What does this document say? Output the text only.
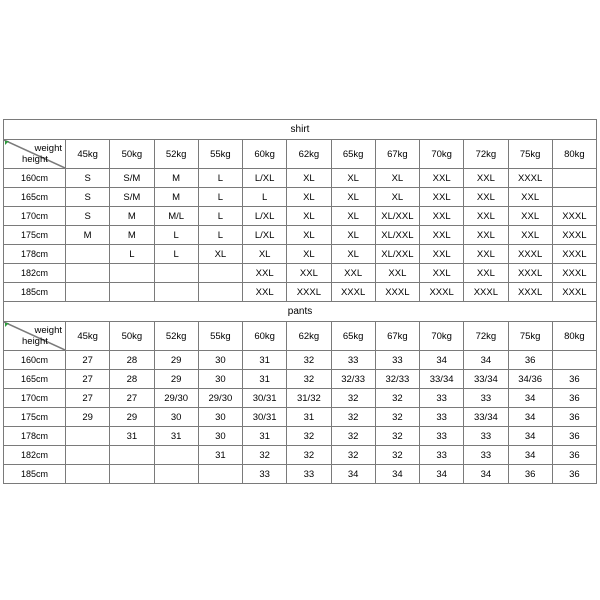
shirt												

weight
height	45kg	50kg	52kg	55kg	60kg	62kg	65kg	67kg	70kg	72kg	75kg	80kg
160cm	S	S/M	M	L	L/XL	XL	XL	XL	XXL	XXL	XXXL	
165cm	S	S/M	M	L	L	XL	XL	XL	XXL	XXL	XXL	
170cm	S	M	M/L	L	L/XL	XL	XL	XL/XXL	XXL	XXL	XXL	XXXL
175cm	M	M	L	L	L/XL	XL	XL	XL/XXL	XXL	XXL	XXL	XXXL
178cm		L	L	XL	XL	XL	XL	XL/XXL	XXL	XXL	XXXL	XXXL
182cm					XXL	XXL	XXL	XXL	XXL	XXL	XXXL	XXXL
185cm					XXL	XXXL	XXXL	XXXL	XXXL	XXXL	XXXL	XXXL
pants												

weight
height	45kg	50kg	52kg	55kg	60kg	62kg	65kg	67kg	70kg	72kg	75kg	80kg
160cm	27	28	29	30	31	32	33	33	34	34	36	
165cm	27	28	29	30	31	32	32/33	32/33	33/34	33/34	34/36	36
170cm	27	27	29/30	29/30	30/31	31/32	32	32	33	33	34	36
175cm	29	29	30	30	30/31	31	32	32	33	33/34	34	36
178cm		31	31	30	31	32	32	32	33	33	34	36
182cm				31	32	32	32	32	33	33	34	36
185cm					33	33	34	34	34	34	36	36
